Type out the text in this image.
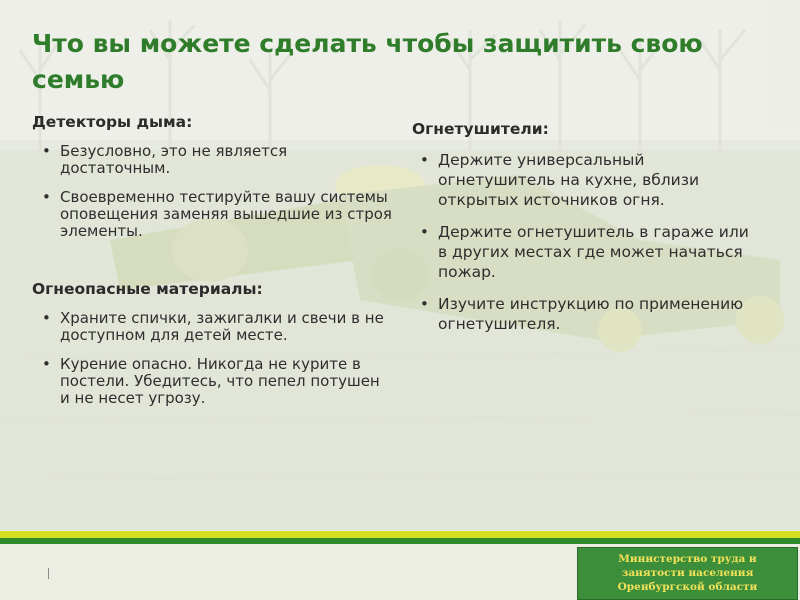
Что вы можете сделать чтобы защитить свою семью

Детекторы дыма:

• Безусловно, это не является достаточным.
• Своевременно тестируйте вашу системы оповещения заменяя вышедшие из строя элементы.

Огнеопасные материалы:

• Храните спички, зажигалки и свечи в не доступном для детей месте.
• Курение опасно. Никогда не курите в постели. Убедитесь, что пепел потушен и не несет угрозу.

Огнетушители:

• Держите универсальный огнетушитель на кухне, вблизи открытых источников огня.
• Держите огнетушитель в гараже или в других местах где может начаться пожар.
• Изучите инструкцию по применению огнетушителя.
Министерство труда и
занятости населения
Оренбургской области
